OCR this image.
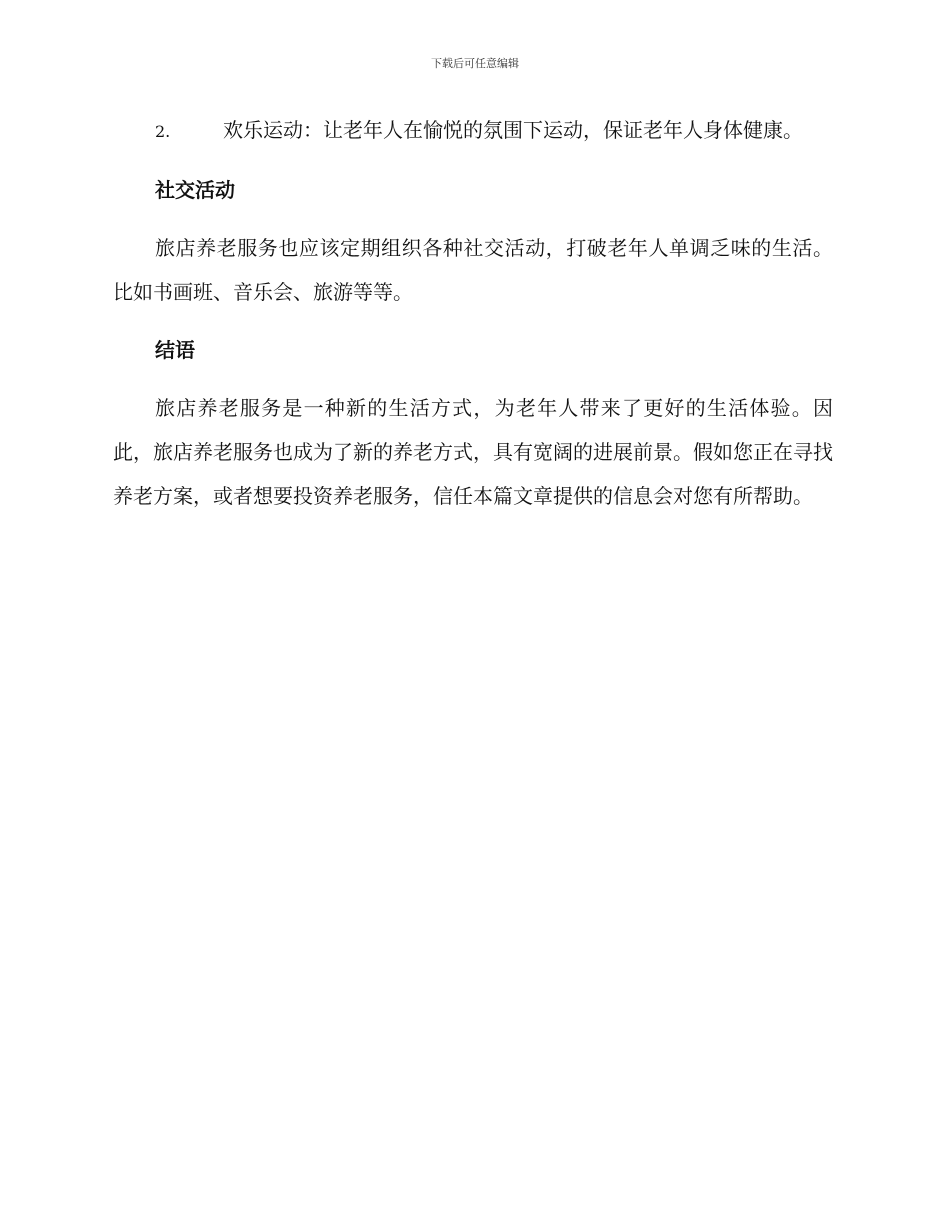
下载后可任意编辑

2.	欢乐运动：让老年人在愉悦的氛围下运动，保证老年人身体健康。

社交活动

旅店养老服务也应该定期组织各种社交活动，打破老年人单调乏味的生活。比如书画班、音乐会、旅游等等。

结语

旅店养老服务是一种新的生活方式，为老年人带来了更好的生活体验。因此，旅店养老服务也成为了新的养老方式，具有宽阔的进展前景。假如您正在寻找养老方案，或者想要投资养老服务，信任本篇文章提供的信息会对您有所帮助。
